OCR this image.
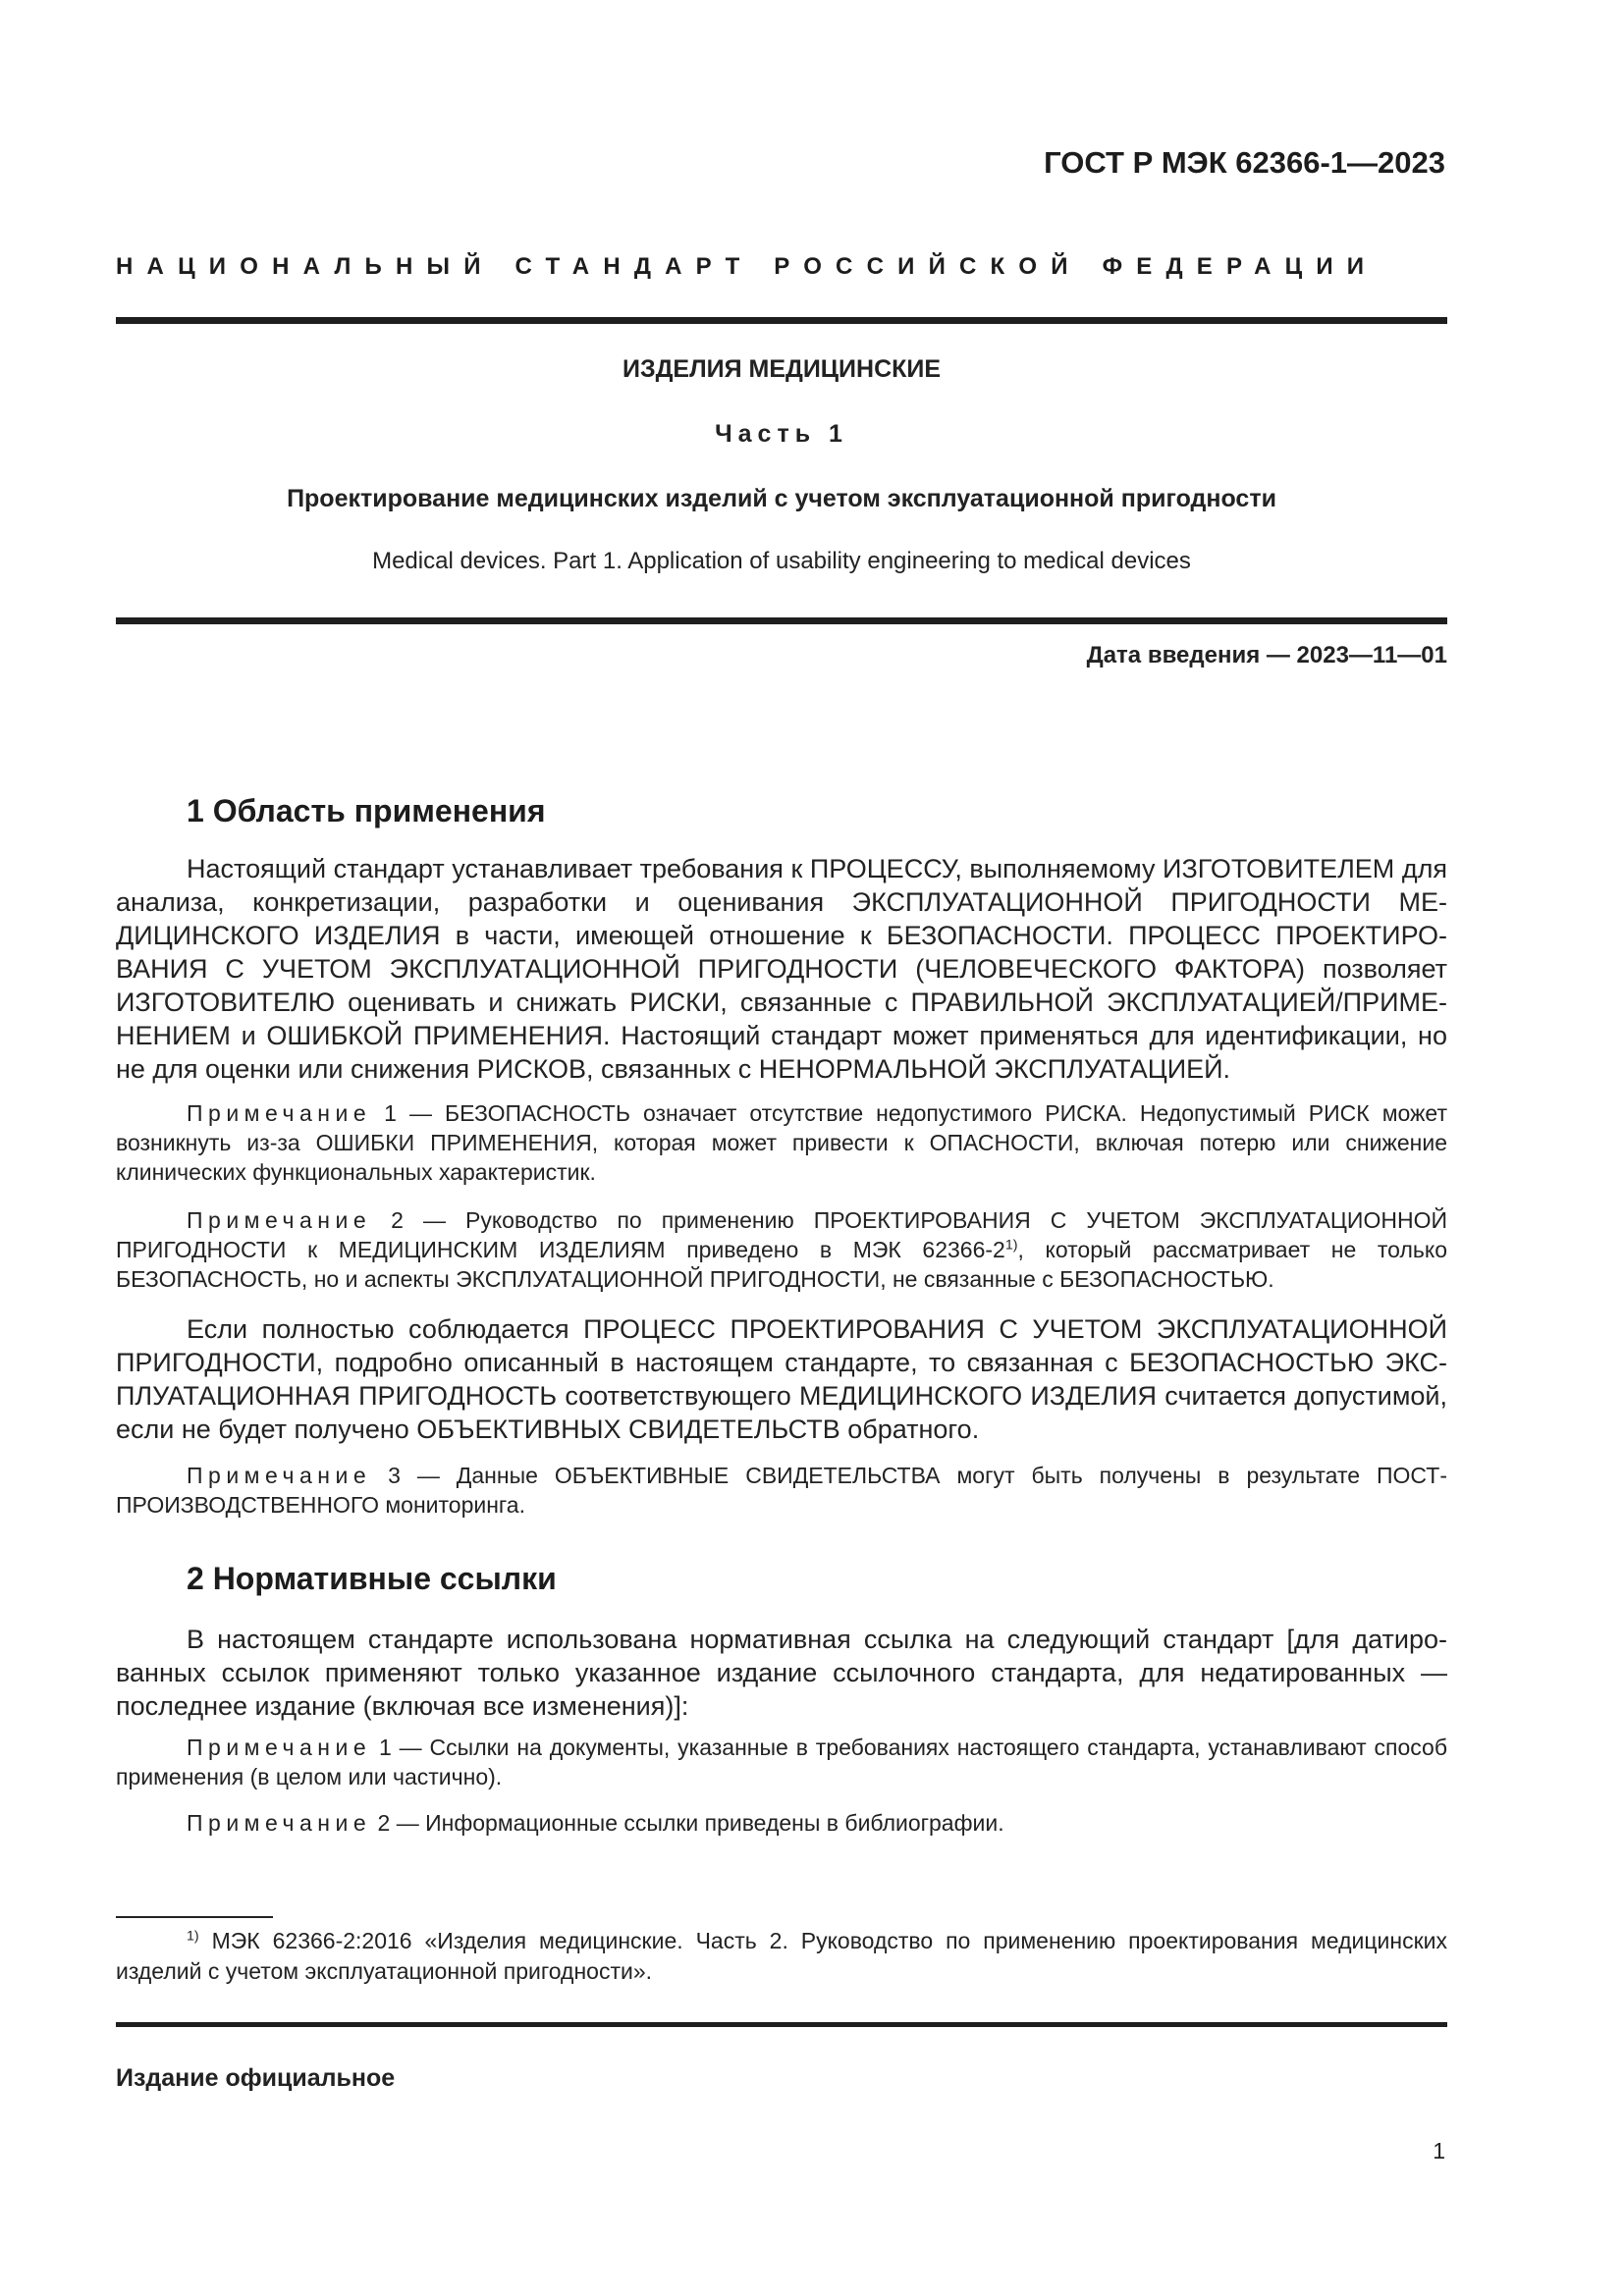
ГОСТ Р МЭК 62366-1—2023
НАЦИОНАЛЬНЫЙ СТАНДАРТ РОССИЙСКОЙ ФЕДЕРАЦИИ
ИЗДЕЛИЯ МЕДИЦИНСКИЕ
Часть 1
Проектирование медицинских изделий с учетом эксплуатационной пригодности
Medical devices. Part 1. Application of usability engineering to medical devices
Дата введения — 2023—11—01
1 Область применения
Настоящий стандарт устанавливает требования к ПРОЦЕССУ, выполняемому ИЗГОТОВИТЕЛЕМ для анализа, конкретизации, разработки и оценивания ЭКСПЛУАТАЦИОННОЙ ПРИГОДНОСТИ МЕДИЦИНСКОГО ИЗДЕЛИЯ в части, имеющей отношение к БЕЗОПАСНОСТИ. ПРОЦЕСС ПРОЕКТИРОВАНИЯ С УЧЕТОМ ЭКСПЛУАТАЦИОННОЙ ПРИГОДНОСТИ (ЧЕЛОВЕЧЕСКОГО ФАКТОРА) позволяет ИЗГОТОВИТЕЛЮ оценивать и снижать РИСКИ, связанные с ПРАВИЛЬНОЙ ЭКСПЛУАТАЦИЕЙ/ПРИМЕНЕНИЕМ и ОШИБКОЙ ПРИМЕНЕНИЯ. Настоящий стандарт может применяться для идентификации, но не для оценки или снижения РИСКОВ, связанных с НЕНОРМАЛЬНОЙ ЭКСПЛУАТАЦИЕЙ.
Примечание 1 — БЕЗОПАСНОСТЬ означает отсутствие недопустимого РИСКА. Недопустимый РИСК может возникнуть из-за ОШИБКИ ПРИМЕНЕНИЯ, которая может привести к ОПАСНОСТИ, включая потерю или снижение клинических функциональных характеристик.
Примечание 2 — Руководство по применению ПРОЕКТИРОВАНИЯ С УЧЕТОМ ЭКСПЛУАТАЦИОННОЙ ПРИГОДНОСТИ к МЕДИЦИНСКИМ ИЗДЕЛИЯМ приведено в МЭК 62366-2$^{1)}$, который рассматривает не только БЕЗОПАСНОСТЬ, но и аспекты ЭКСПЛУАТАЦИОННОЙ ПРИГОДНОСТИ, не связанные с БЕЗОПАСНОСТЬЮ.
Если полностью соблюдается ПРОЦЕСС ПРОЕКТИРОВАНИЯ С УЧЕТОМ ЭКСПЛУАТАЦИОННОЙ ПРИГОДНОСТИ, подробно описанный в настоящем стандарте, то связанная с БЕЗОПАСНОСТЬЮ ЭКСПЛУАТАЦИОННАЯ ПРИГОДНОСТЬ соответствующего МЕДИЦИНСКОГО ИЗДЕЛИЯ считается допустимой, если не будет получено ОБЪЕКТИВНЫХ СВИДЕТЕЛЬСТВ обратного.
Примечание 3 — Данные ОБЪЕКТИВНЫЕ СВИДЕТЕЛЬСТВА могут быть получены в результате ПОСТПРОИЗВОДСТВЕННОГО мониторинга.
2 Нормативные ссылки
В настоящем стандарте использована нормативная ссылка на следующий стандарт [для датированных ссылок применяют только указанное издание ссылочного стандарта, для недатированных — последнее издание (включая все изменения)]:
Примечание 1 — Ссылки на документы, указанные в требованиях настоящего стандарта, устанавливают способ применения (в целом или частично).
Примечание 2 — Информационные ссылки приведены в библиографии.
$^{1)}$ МЭК 62366-2:2016 «Изделия медицинские. Часть 2. Руководство по применению проектирования медицинских изделий с учетом эксплуатационной пригодности».
Издание официальное
1
